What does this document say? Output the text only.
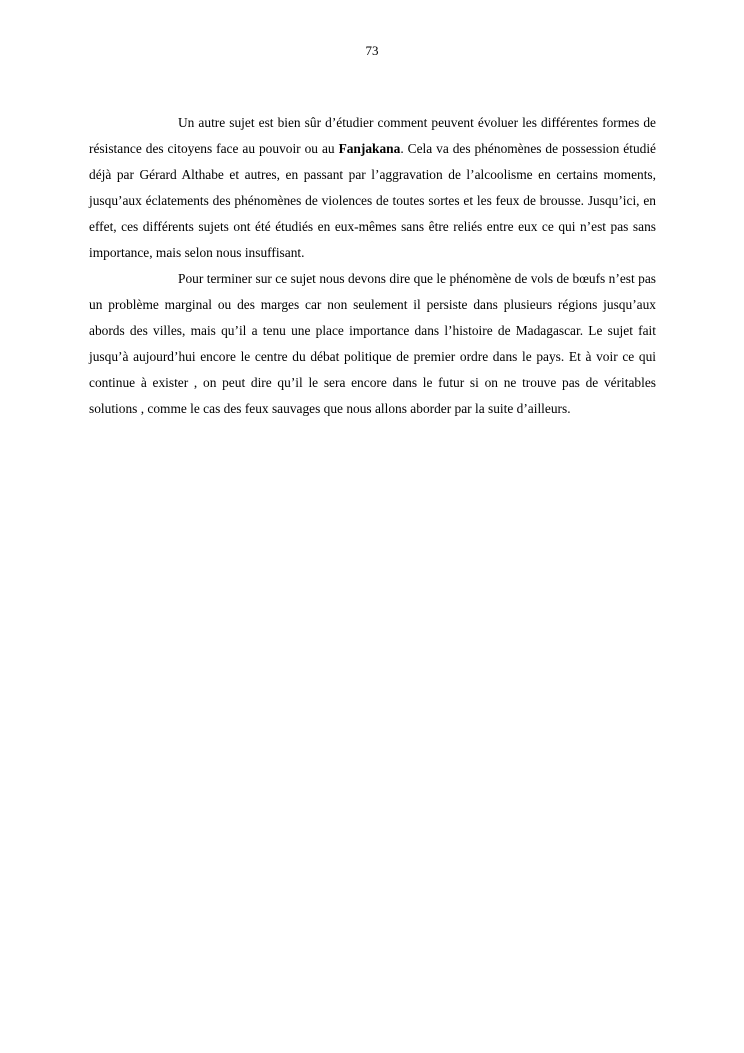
73

Un autre sujet est bien sûr d’étudier comment peuvent évoluer les différentes formes de résistance des citoyens face au pouvoir ou au Fanjakana. Cela va des phénomènes de possession étudié déjà par Gérard Althabe et autres, en passant par l’aggravation de l’alcoolisme en certains moments, jusqu’aux éclatements des phénomènes de violences de toutes sortes et les feux de brousse. Jusqu’ici, en effet, ces différents sujets ont été étudiés en eux-mêmes sans être reliés entre eux ce qui n’est pas sans importance, mais selon nous insuffisant.

Pour terminer sur ce sujet nous devons dire que le phénomène de vols de bœufs n’est pas un problème marginal ou des marges car non seulement il persiste dans plusieurs régions jusqu’aux abords des villes, mais qu’il a tenu une place importance dans l’histoire de Madagascar. Le sujet fait jusqu’à aujourd’hui encore le centre du débat politique de premier ordre dans le pays. Et à voir ce qui continue à exister , on peut dire qu’il le sera encore dans le futur si on ne trouve pas de véritables solutions , comme le cas des feux sauvages que nous allons aborder par la suite d’ailleurs.
